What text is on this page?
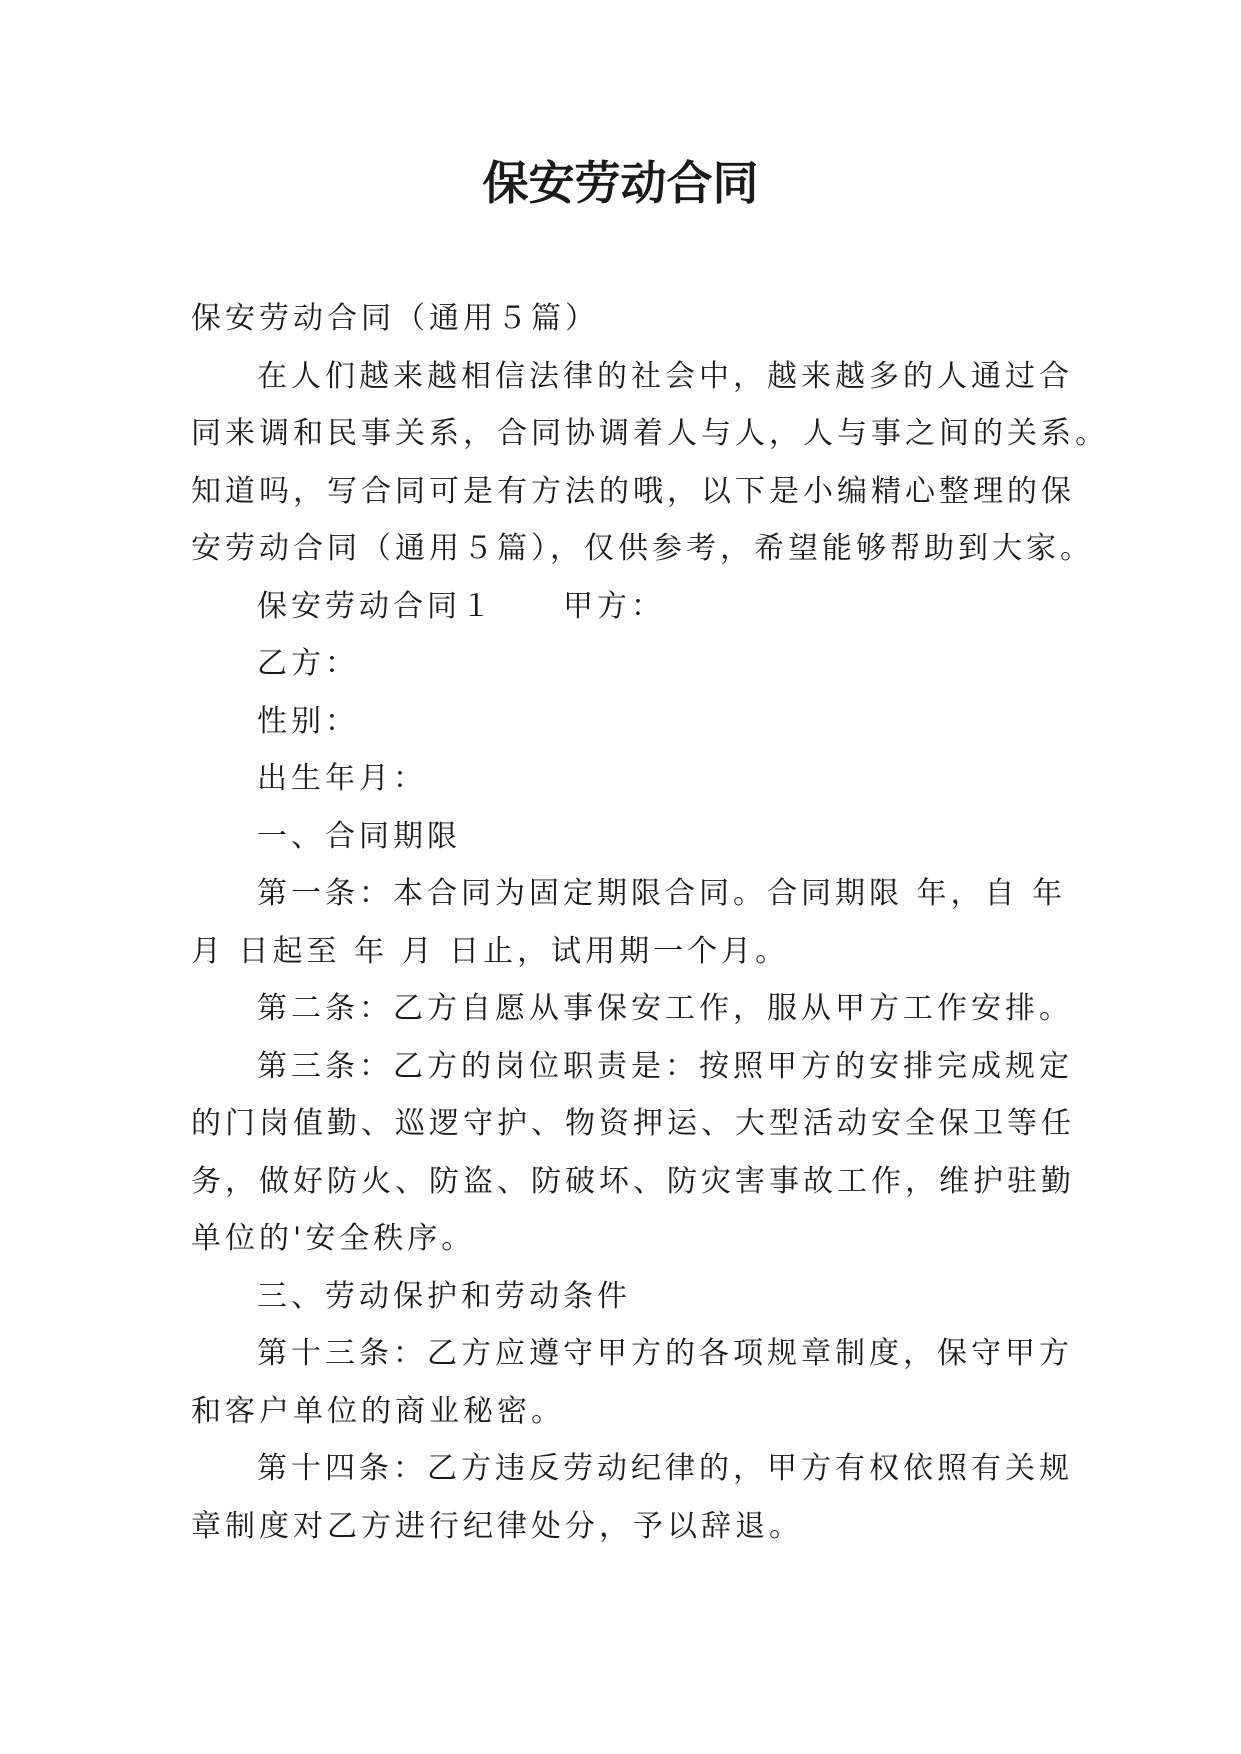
保安劳动合同

保安劳动合同（通用５篇）

在人们越来越相信法律的社会中，越来越多的人通过合

同来调和民事关系，合同协调着人与人，人与事之间的关系。

知道吗，写合同可是有方法的哦，以下是小编精心整理的保

安劳动合同（通用５篇），仅供参考，希望能够帮助到大家。

保安劳动合同１　　甲方：

乙方：

性别：

出生年月：

一、合同期限

第一条：本合同为固定期限合同。合同期限 年，自 年

月 日起至 年 月 日止，试用期一个月。

第二条：乙方自愿从事保安工作，服从甲方工作安排。

第三条：乙方的岗位职责是：按照甲方的安排完成规定

的门岗值勤、巡逻守护、物资押运、大型活动安全保卫等任

务，做好防火、防盗、防破坏、防灾害事故工作，维护驻勤

单位的'安全秩序。

三、劳动保护和劳动条件

第十三条：乙方应遵守甲方的各项规章制度，保守甲方

和客户单位的商业秘密。

第十四条：乙方违反劳动纪律的，甲方有权依照有关规

章制度对乙方进行纪律处分，予以辞退。
